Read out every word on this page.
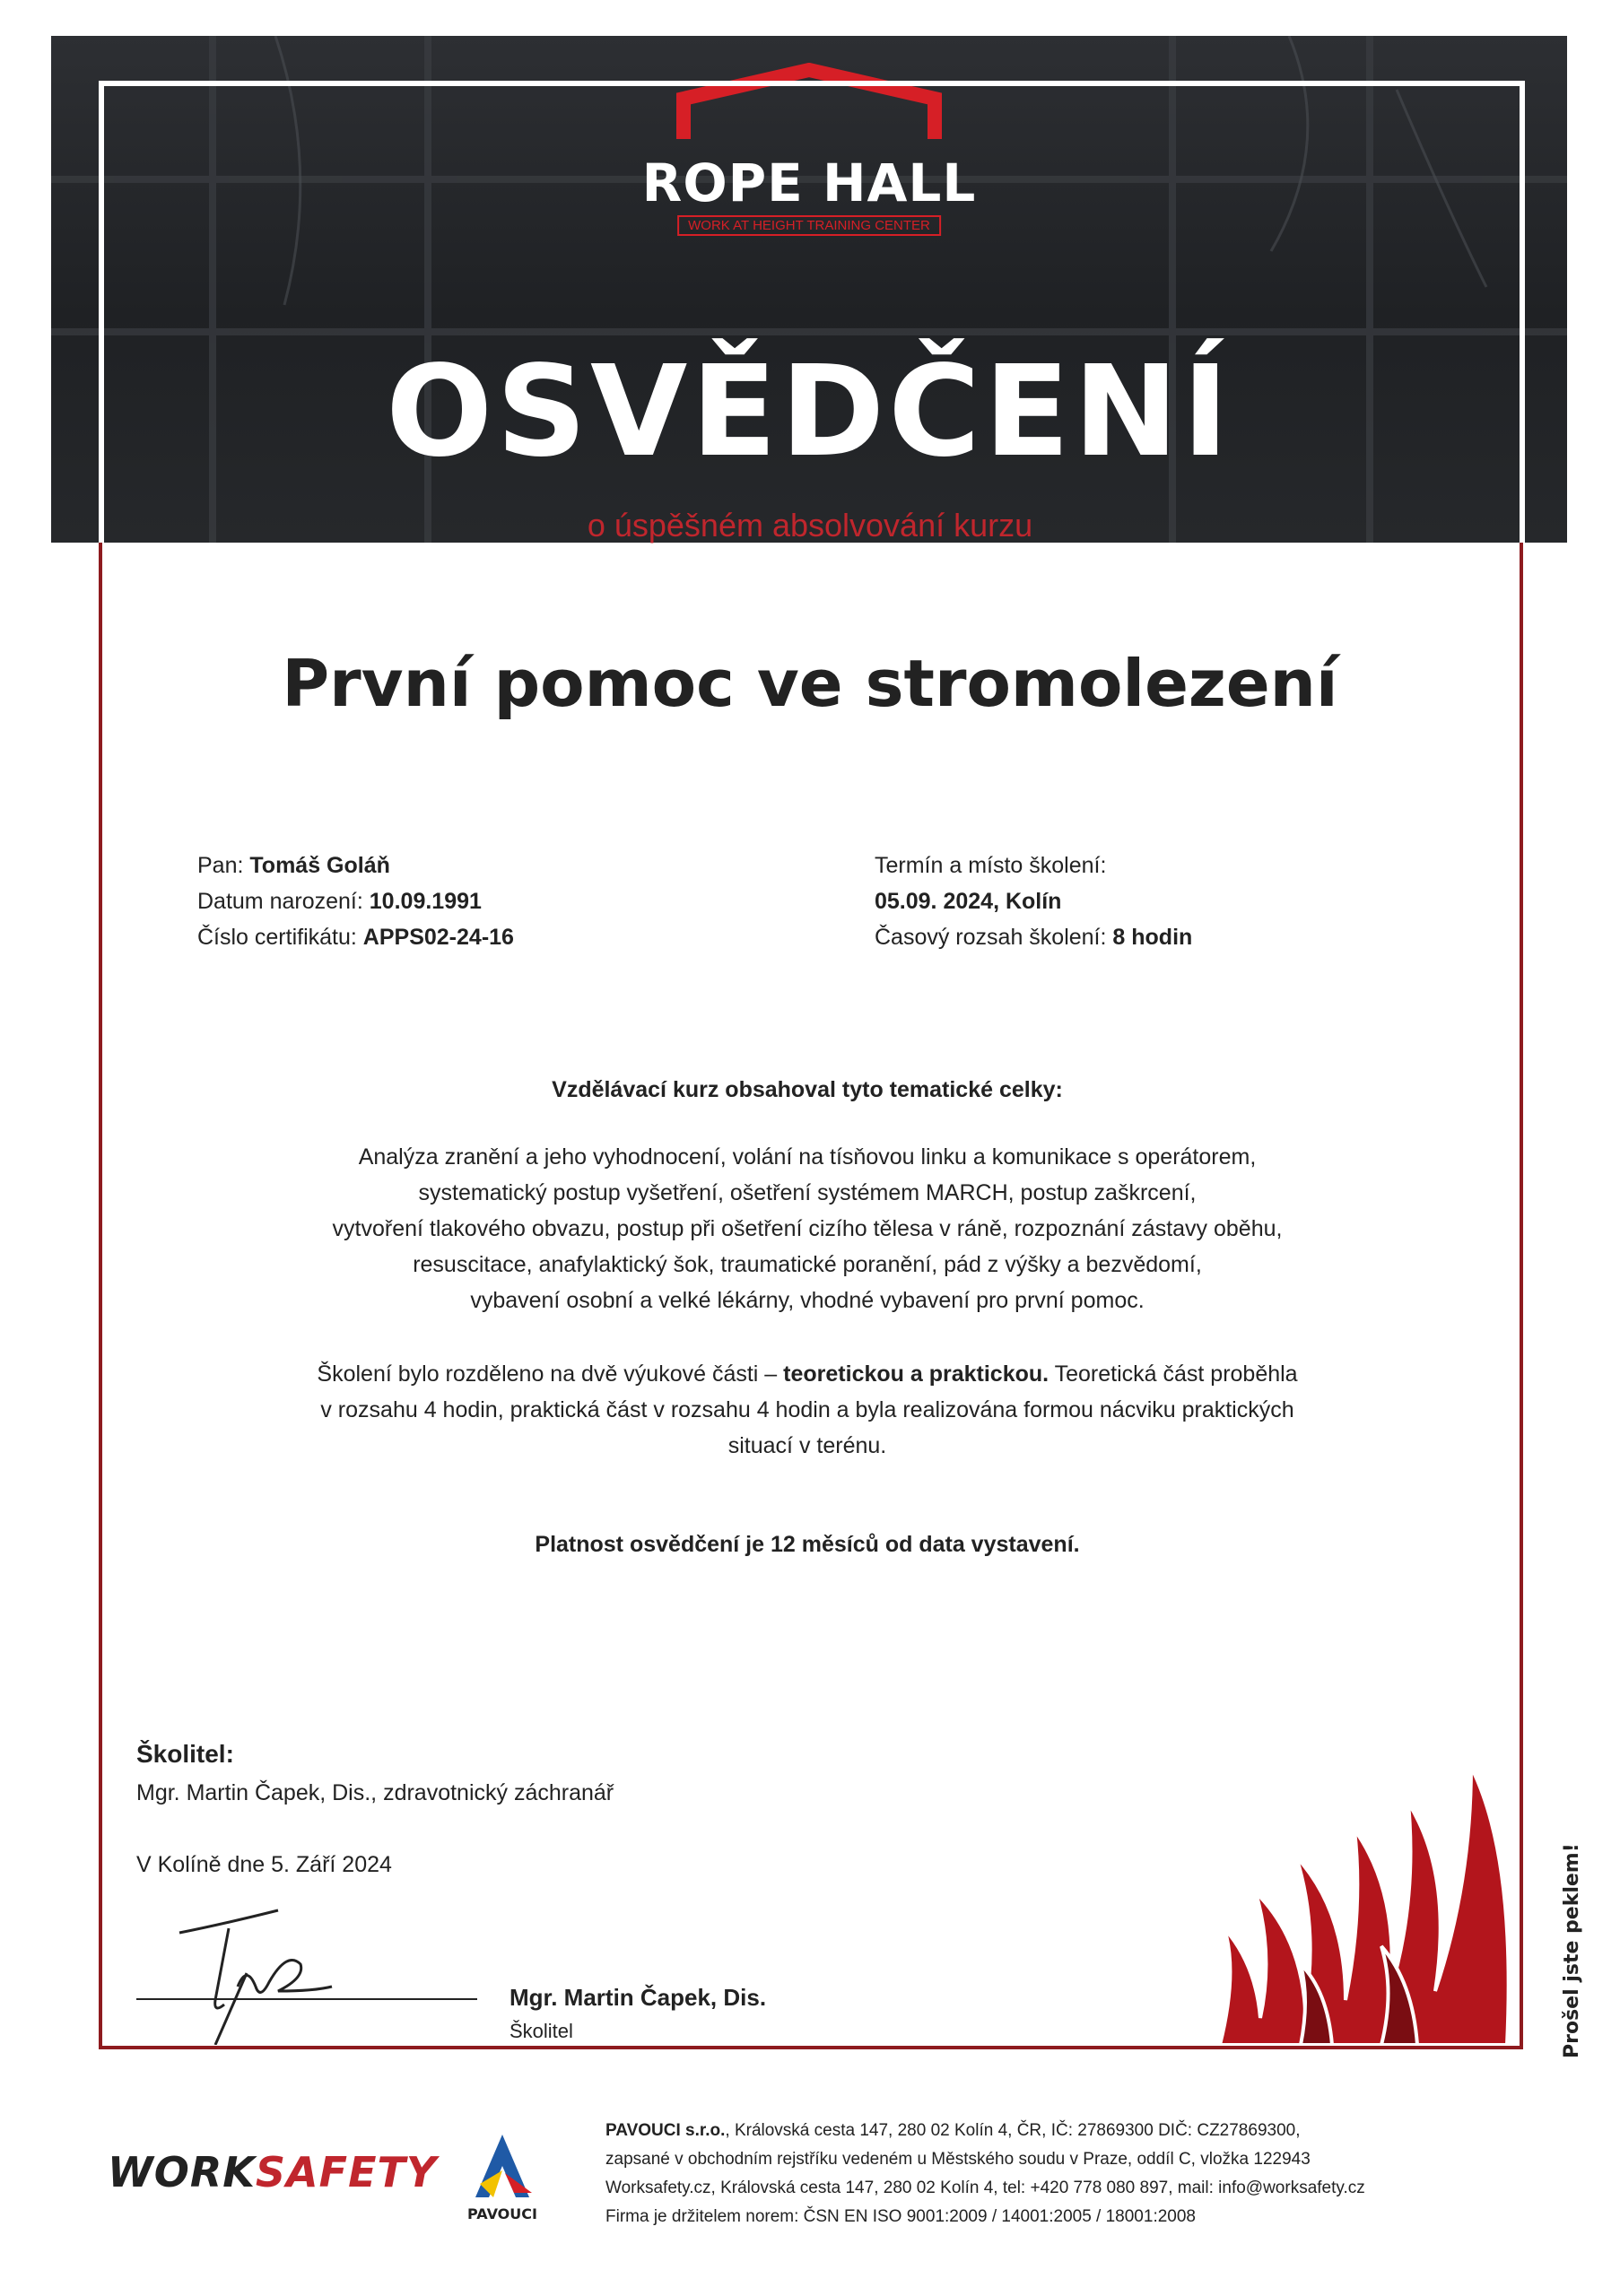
ROPE HALL
WORK AT HEIGHT TRAINING CENTER
OSVĚDČENÍ
o úspěšném absolvování kurzu
První pomoc ve stromolezení
Pan: Tomáš Goláň
Datum narození: 10.09.1991
Číslo certifikátu: APPS02-24-16
Termín a místo školení:
05.09. 2024, Kolín
Časový rozsah školení: 8 hodin
Vzdělávací kurz obsahoval tyto tematické celky:
Analýza zranění a jeho vyhodnocení, volání na tísňovou linku a komunikace s operátorem,
systematický postup vyšetření, ošetření systémem MARCH, postup zaškrcení,
vytvoření tlakového obvazu, postup při ošetření cizího tělesa v ráně, rozpoznání zástavy oběhu,
resuscitace, anafylaktický šok, traumatické poranění, pád z výšky a bezvědomí,
vybavení osobní a velké lékárny, vhodné vybavení pro první pomoc.
Školení bylo rozděleno na dvě výukové části – teoretickou a praktickou. Teoretická část proběhla
v rozsahu 4 hodin, praktická část v rozsahu 4 hodin a byla realizována formou nácviku praktických
situací v terénu.
Platnost osvědčení je 12 měsíců od data vystavení.
Školitel:
Mgr. Martin Čapek, Dis., zdravotnický záchranář
V Kolíně dne 5. Září 2024
Mgr. Martin Čapek, Dis.
Školitel	Prošel jste peklem!
WORKSAFETY
PAVOUCI
PAVOUCI s.r.o., Královská cesta 147, 280 02 Kolín 4, ČR, IČ: 27869300 DIČ: CZ27869300,
zapsané v obchodním rejstříku vedeném u Městského soudu v Praze, oddíl C, vložka 122943
Worksafety.cz, Královská cesta 147, 280 02 Kolín 4, tel: +420 778 080 897, mail: info@worksafety.cz
Firma je držitelem norem: ČSN EN ISO 9001:2009 / 14001:2005 / 18001:2008
